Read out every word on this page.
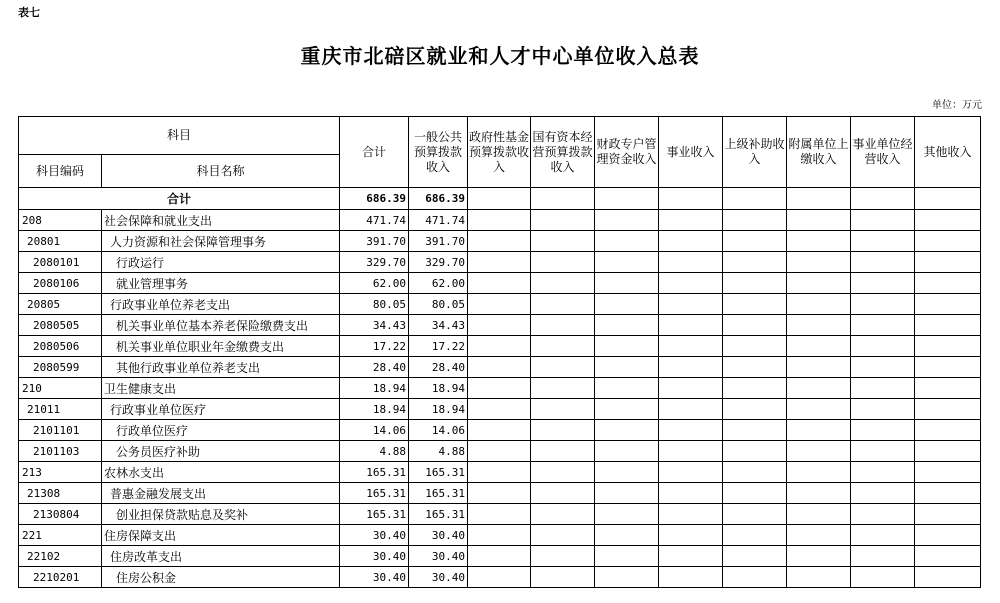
表七
重庆市北碚区就业和人才中心单位收入总表
单位：万元
科目		合计	一般公共预算拨款收入	政府性基金预算拨款收入	国有资本经营预算拨款收入	财政专户管理资金收入	事业收入	上级补助收入	附属单位上缴收入	事业单位经营收入	其他收入
科目编码	科目名称										
合计		686.39	686.39								
208	社会保障和就业支出	471.74	471.74								
20801	人力资源和社会保障管理事务	391.70	391.70								
2080101	行政运行	329.70	329.70								
2080106	就业管理事务	62.00	62.00								
20805	行政事业单位养老支出	80.05	80.05								
2080505	机关事业单位基本养老保险缴费支出	34.43	34.43								
2080506	机关事业单位职业年金缴费支出	17.22	17.22								
2080599	其他行政事业单位养老支出	28.40	28.40								
210	卫生健康支出	18.94	18.94								
21011	行政事业单位医疗	18.94	18.94								
2101101	行政单位医疗	14.06	14.06								
2101103	公务员医疗补助	4.88	4.88								
213	农林水支出	165.31	165.31								
21308	普惠金融发展支出	165.31	165.31								
2130804	创业担保贷款贴息及奖补	165.31	165.31								
221	住房保障支出	30.40	30.40								
22102	住房改革支出	30.40	30.40								
2210201	住房公积金	30.40	30.40								
